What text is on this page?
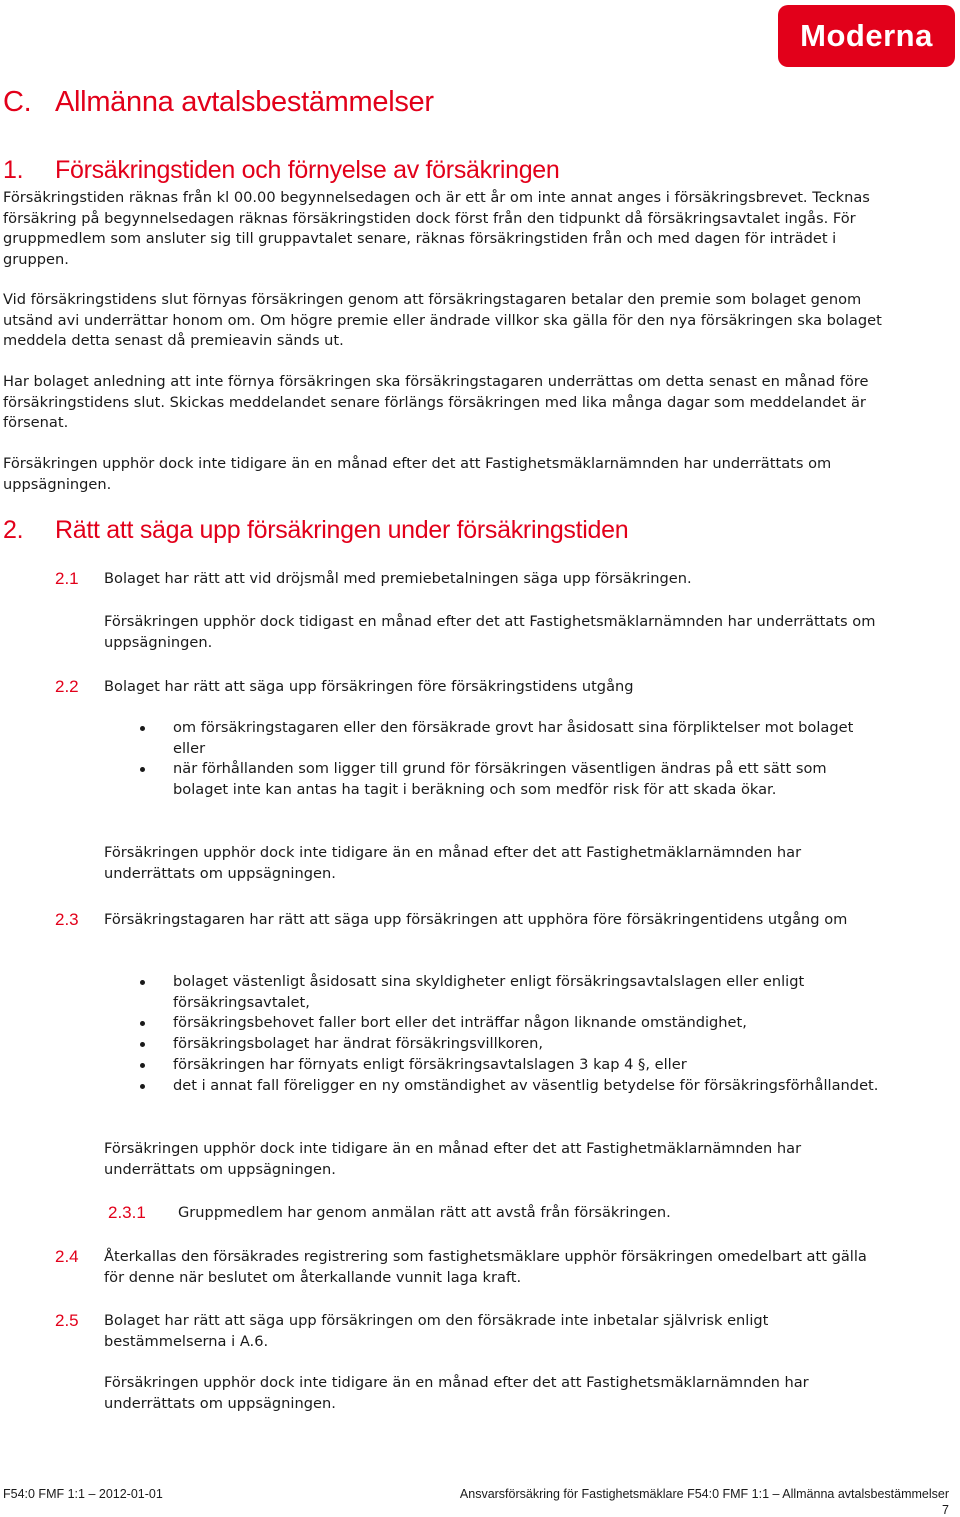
Moderna
C. Allmänna avtalsbestämmelser
1. Försäkringstiden och förnyelse av försäkringen

Försäkringstiden räknas från kl 00.00 begynnelsedagen och är ett år om inte annat anges i försäkringsbrevet. Tecknas försäkring på begynnelsedagen räknas försäkringstiden dock först från den tidpunkt då försäkringsavtalet ingås. För gruppmedlem som ansluter sig till gruppavtalet senare, räknas försäkringstiden från och med dagen för inträdet i gruppen.

Vid försäkringstidens slut förnyas försäkringen genom att försäkringstagaren betalar den premie som bolaget genom utsänd avi underrättar honom om. Om högre premie eller ändrade villkor ska gälla för den nya försäkringen ska bolaget meddela detta senast då premieavin sänds ut.

Har bolaget anledning att inte förnya försäkringen ska försäkringstagaren underrättas om detta senast en månad före försäkringstidens slut. Skickas meddelandet senare förlängs försäkringen med lika många dagar som meddelandet är försenat.

Försäkringen upphör dock inte tidigare än en månad efter det att Fastighetsmäklarnämnden har underrättats om uppsägningen.

2. Rätt att säga upp försäkringen under försäkringstiden
2.1 Bolaget har rätt att vid dröjsmål med premiebetalningen säga upp försäkringen.

Försäkringen upphör dock tidigast en månad efter det att Fastighetsmäklarnämnden har underrättats om uppsägningen.

2.2 Bolaget har rätt att säga upp försäkringen före försäkringstidens utgång

om försäkringstagaren eller den försäkrade grovt har åsidosatt sina förpliktelser mot bolaget eller
när förhållanden som ligger till grund för försäkringen väsentligen ändras på ett sätt som bolaget inte kan antas ha tagit i beräkning och som medför risk för att skada ökar.

Försäkringen upphör dock inte tidigare än en månad efter det att Fastighetmäklarnämnden har underrättats om uppsägningen.

2.3 Försäkringstagaren har rätt att säga upp försäkringen att upphöra före försäkringentidens utgång om

bolaget västenligt åsidosatt sina skyldigheter enligt försäkringsavtalslagen eller enligt försäkringsavtalet,
försäkringsbehovet faller bort eller det inträffar någon liknande omständighet,
försäkringsbolaget har ändrat försäkringsvillkoren,
försäkringen har förnyats enligt försäkringsavtalslagen 3 kap 4 §, eller
det i annat fall föreligger en ny omständighet av väsentlig betydelse för försäkringsförhållandet.

Försäkringen upphör dock inte tidigare än en månad efter det att Fastighetmäklarnämnden har underrättats om uppsägningen.

2.3.1 Gruppmedlem har genom anmälan rätt att avstå från försäkringen.

2.4 Återkallas den försäkrades registrering som fastighetsmäklare upphör försäkringen omedelbart att gälla för denne när beslutet om återkallande vunnit laga kraft.

2.5 Bolaget har rätt att säga upp försäkringen om den försäkrade inte inbetalar självrisk enligt bestämmelserna i A.6.

Försäkringen upphör dock inte tidigare än en månad efter det att Fastighetsmäklarnämnden har underrättats om uppsägningen.

F54:0 FMF 1:1 – 2012-01-01	Ansvarsförsäkring för Fastighetsmäklare F54:0 FMF 1:1 – Allmänna avtalsbestämmelser
7
